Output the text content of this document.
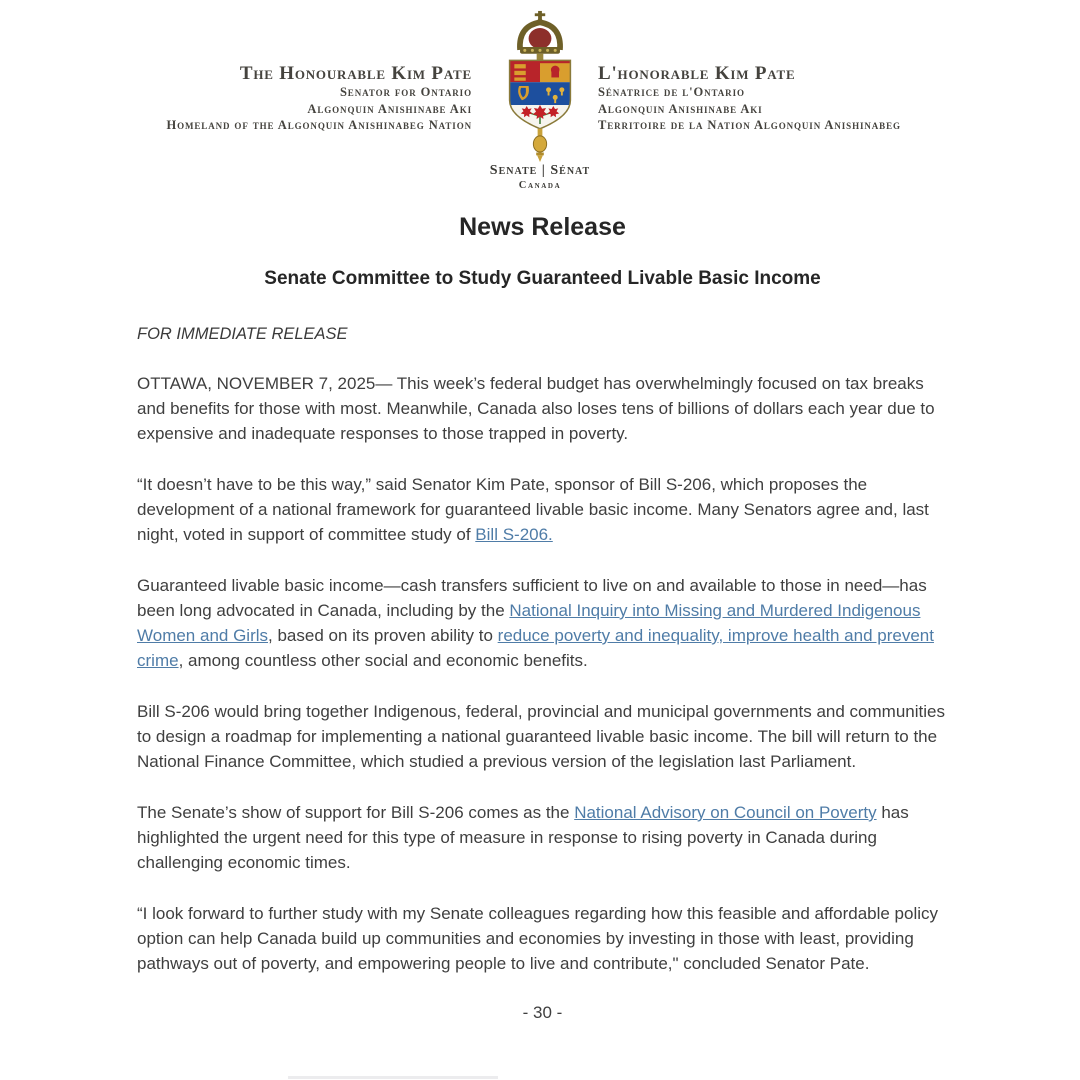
The Honourable Kim Pate
Senator for Ontario
Algonquin Anishinabe Aki
Homeland of the Algonquin Anishinabeg Nation
L'honorable Kim Pate
Sénatrice de l'Ontario
Algonquin Anishinabe Aki
Territoire de la Nation Algonquin Anishinabeg
Senate | Sénat
Canada
News Release
Senate Committee to Study Guaranteed Livable Basic Income
FOR IMMEDIATE RELEASE

OTTAWA, NOVEMBER 7, 2025— This week’s federal budget has overwhelmingly focused on tax breaks and benefits for those with most. Meanwhile, Canada also loses tens of billions of dollars each year due to expensive and inadequate responses to those trapped in poverty.

“It doesn’t have to be this way,” said Senator Kim Pate, sponsor of Bill S-206, which proposes the development of a national framework for guaranteed livable basic income. Many Senators agree and, last night, voted in support of committee study of Bill S-206.

Guaranteed livable basic income—cash transfers sufficient to live on and available to those in need—has been long advocated in Canada, including by the National Inquiry into Missing and Murdered Indigenous Women and Girls, based on its proven ability to reduce poverty and inequality, improve health and prevent crime, among countless other social and economic benefits.

Bill S-206 would bring together Indigenous, federal, provincial and municipal governments and communities to design a roadmap for implementing a national guaranteed livable basic income. The bill will return to the National Finance Committee, which studied a previous version of the legislation last Parliament.

The Senate’s show of support for Bill S-206 comes as the National Advisory on Council on Poverty has highlighted the urgent need for this type of measure in response to rising poverty in Canada during challenging economic times.

“I look forward to further study with my Senate colleagues regarding how this feasible and affordable policy option can help Canada build up communities and economies by investing in those with least, providing pathways out of poverty, and empowering people to live and contribute," concluded Senator Pate.

- 30 -
